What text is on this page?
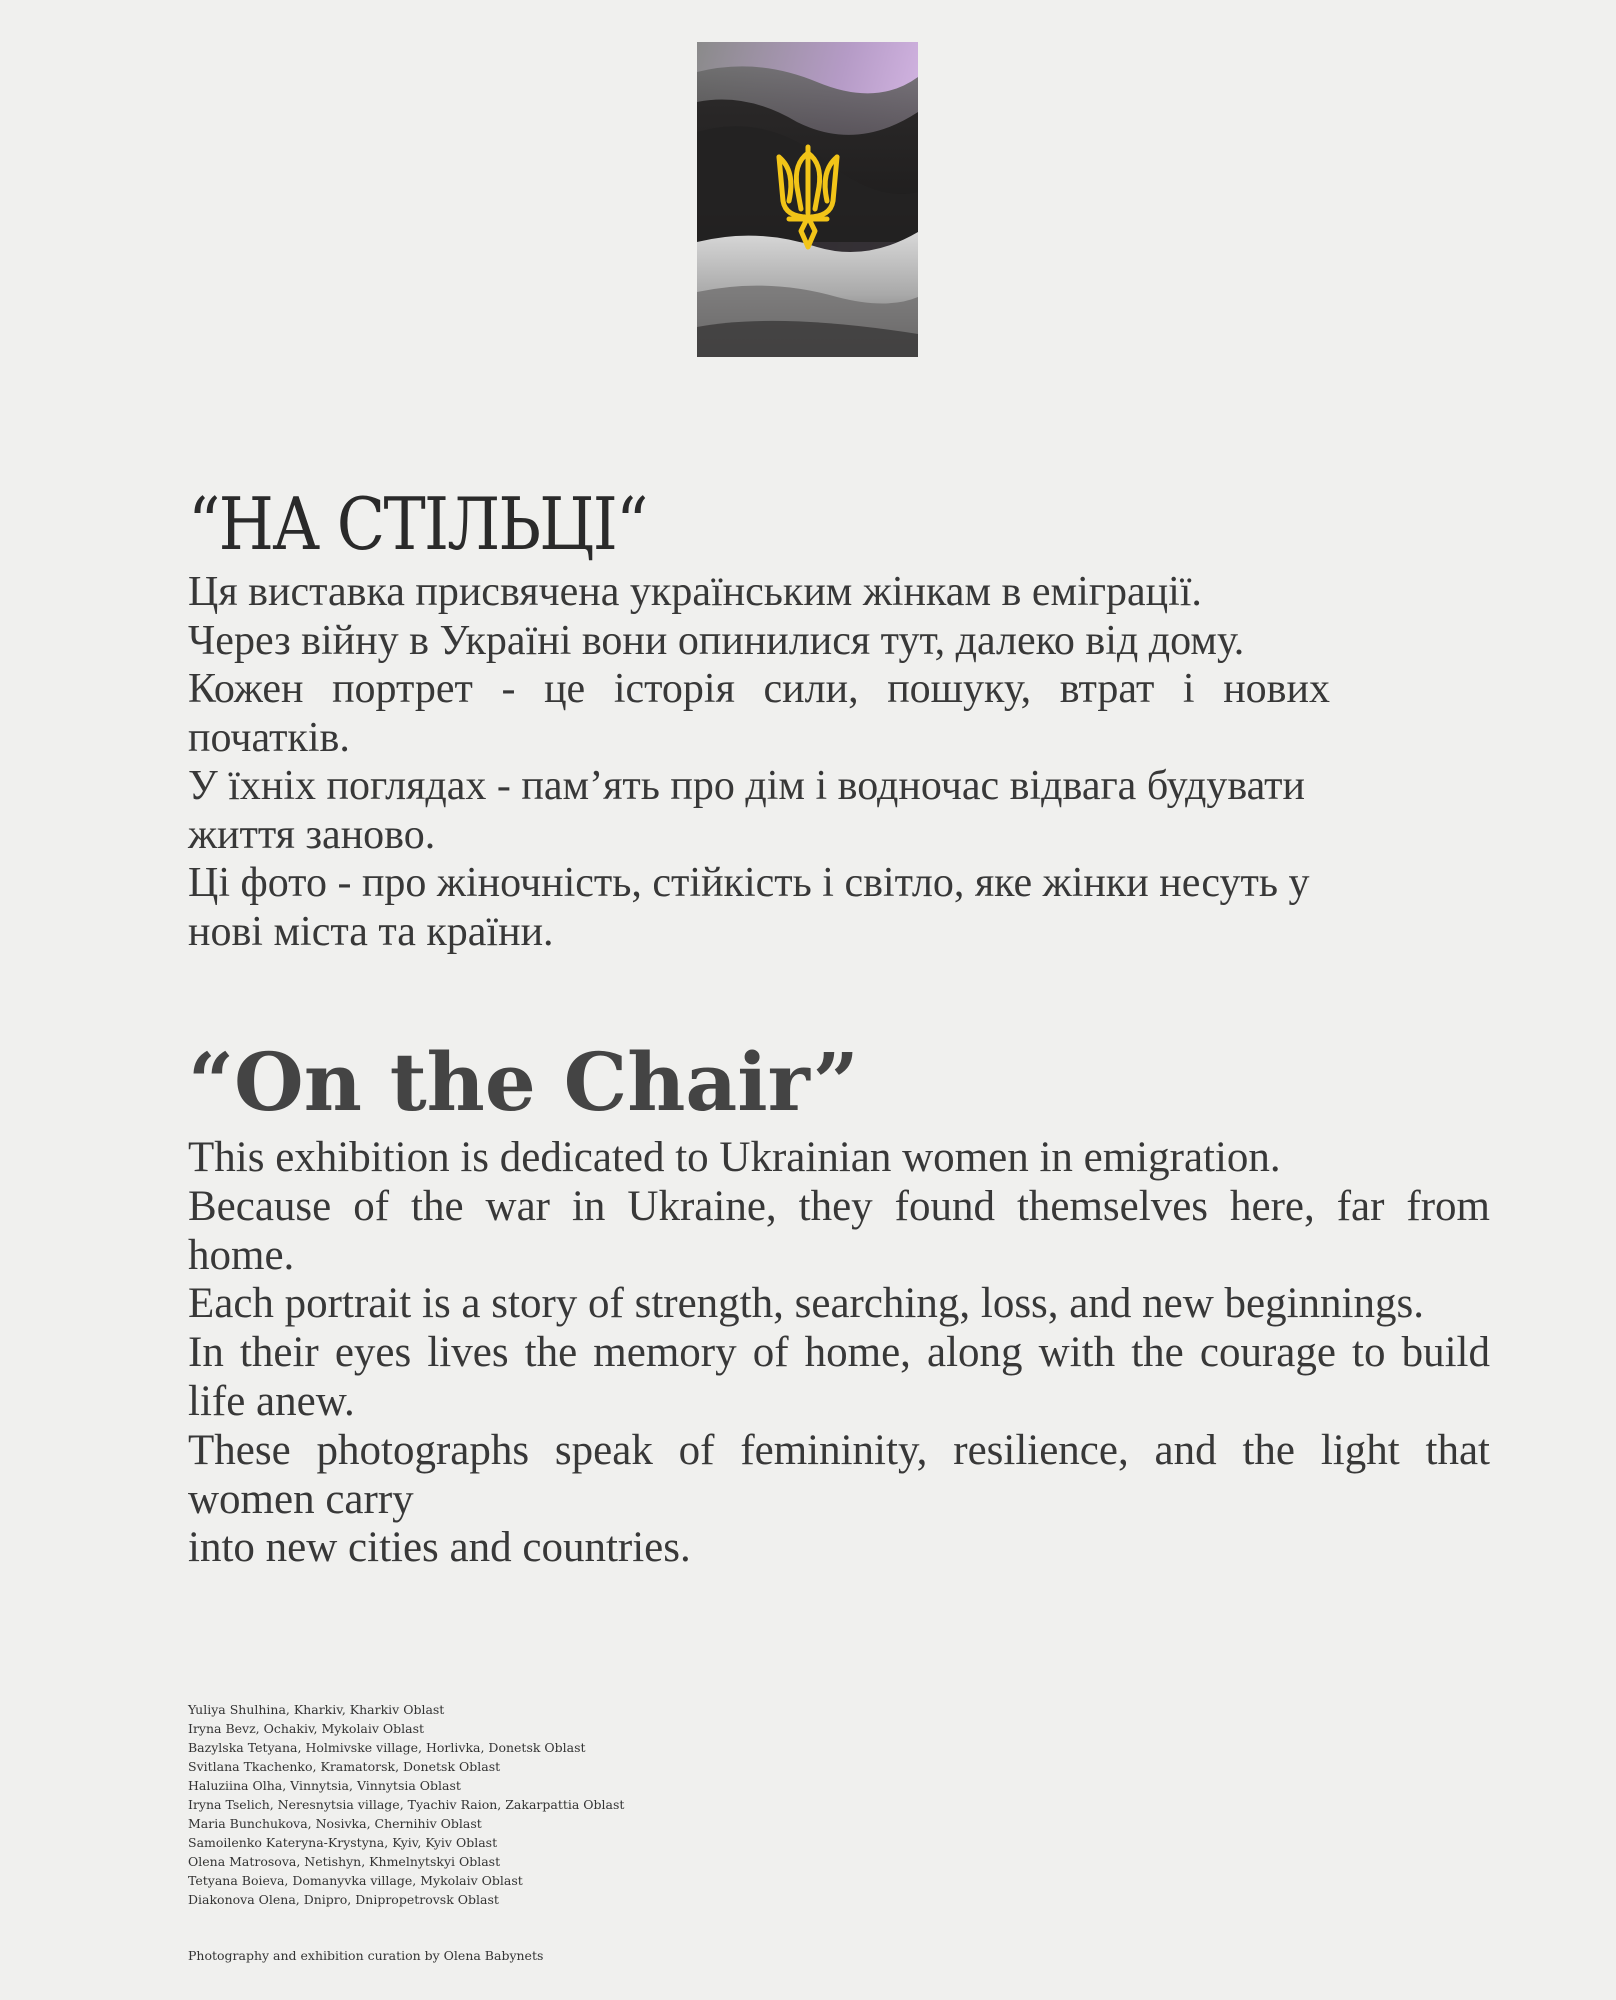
“НА СТІЛЬЦІ“
Ця виставка присвячена українським жінкам в еміграції.
Через війну в Україні вони опинилися тут, далеко від дому.
Кожен портрет - це історія сили, пошуку, втрат і нових
початків.
У їхніх поглядах - пам’ять про дім і водночас відвага будувати
життя заново.
Ці фото - про жіночність, стійкість і світло, яке жінки несуть у
нові міста та країни.
“On the Chair”
This exhibition is dedicated to Ukrainian women in emigration.
Because of the war in Ukraine, they found themselves here, far from
home.
Each portrait is a story of strength, searching, loss, and new beginnings.
In their eyes lives the memory of home, along with the courage to build
life anew.
These photographs speak of femininity, resilience, and the light that
women carry
into new cities and countries.
Yuliya Shulhina, Kharkiv, Kharkiv Oblast
Iryna Bevz, Ochakiv, Mykolaiv Oblast
Bazylska Tetyana, Holmivske village, Horlivka, Donetsk Oblast
Svitlana Tkachenko, Kramatorsk, Donetsk Oblast
Haluziina Olha, Vinnytsia, Vinnytsia Oblast
Iryna Tselich, Neresnytsia village, Tyachiv Raion, Zakarpattia Oblast
Maria Bunchukova, Nosivka, Chernihiv Oblast
Samoilenko Kateryna-Krystyna, Kyiv, Kyiv Oblast
Olena Matrosova, Netishyn, Khmelnytskyi Oblast
Tetyana Boieva, Domanyvka village, Mykolaiv Oblast
Diakonova Olena, Dnipro, Dnipropetrovsk Oblast
Photography and exhibition curation by Olena Babynets
